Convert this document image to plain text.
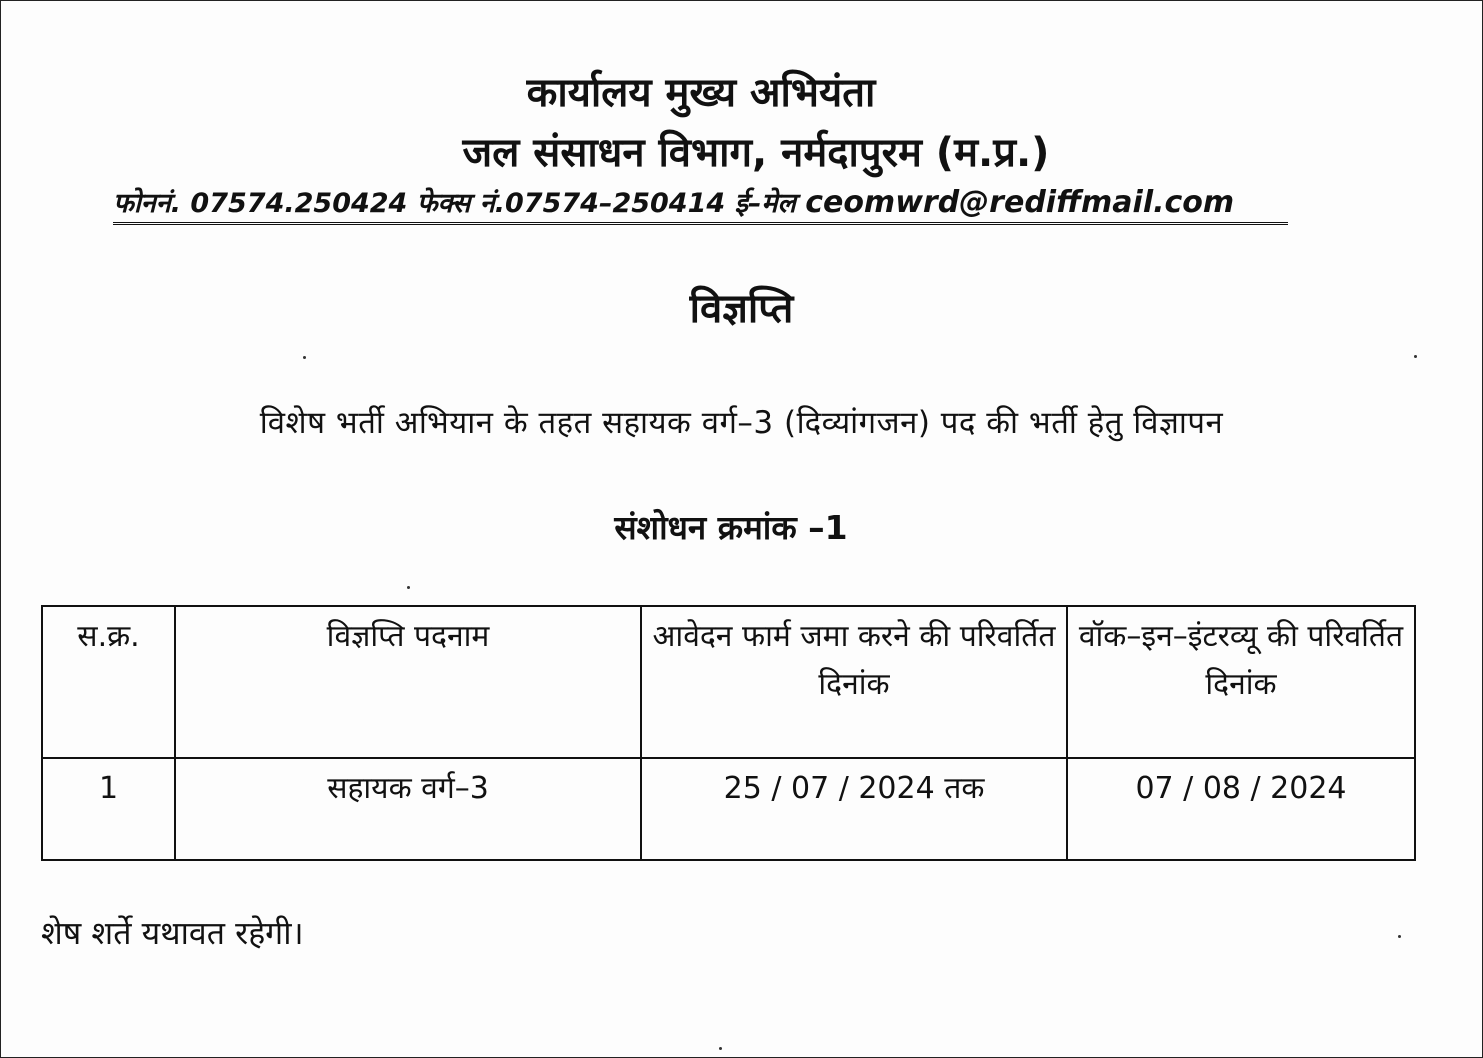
कार्यालय मुख्य अभियंता
जल संसाधन विभाग, नर्मदापुरम (म.प्र.)
फोननं. 07574.250424 फेक्स नं.07574–250414 ई–मेल ceomwrd@rediffmail.com
विज्ञप्ति
विशेष भर्ती अभियान के तहत सहायक वर्ग–3 (दिव्यांगजन) पद की भर्ती हेतु विज्ञापन
संशोधन क्रमांक –1
स.क्र.	विज्ञप्ति पदनाम	आवेदन फार्म जमा करने की परिवर्तित दिनांक	वॉक–इन–इंटरव्यू की परिवर्तित दिनांक
1	सहायक वर्ग–3	25 / 07 / 2024 तक	07 / 08 / 2024
शेष शर्ते यथावत रहेगी।
